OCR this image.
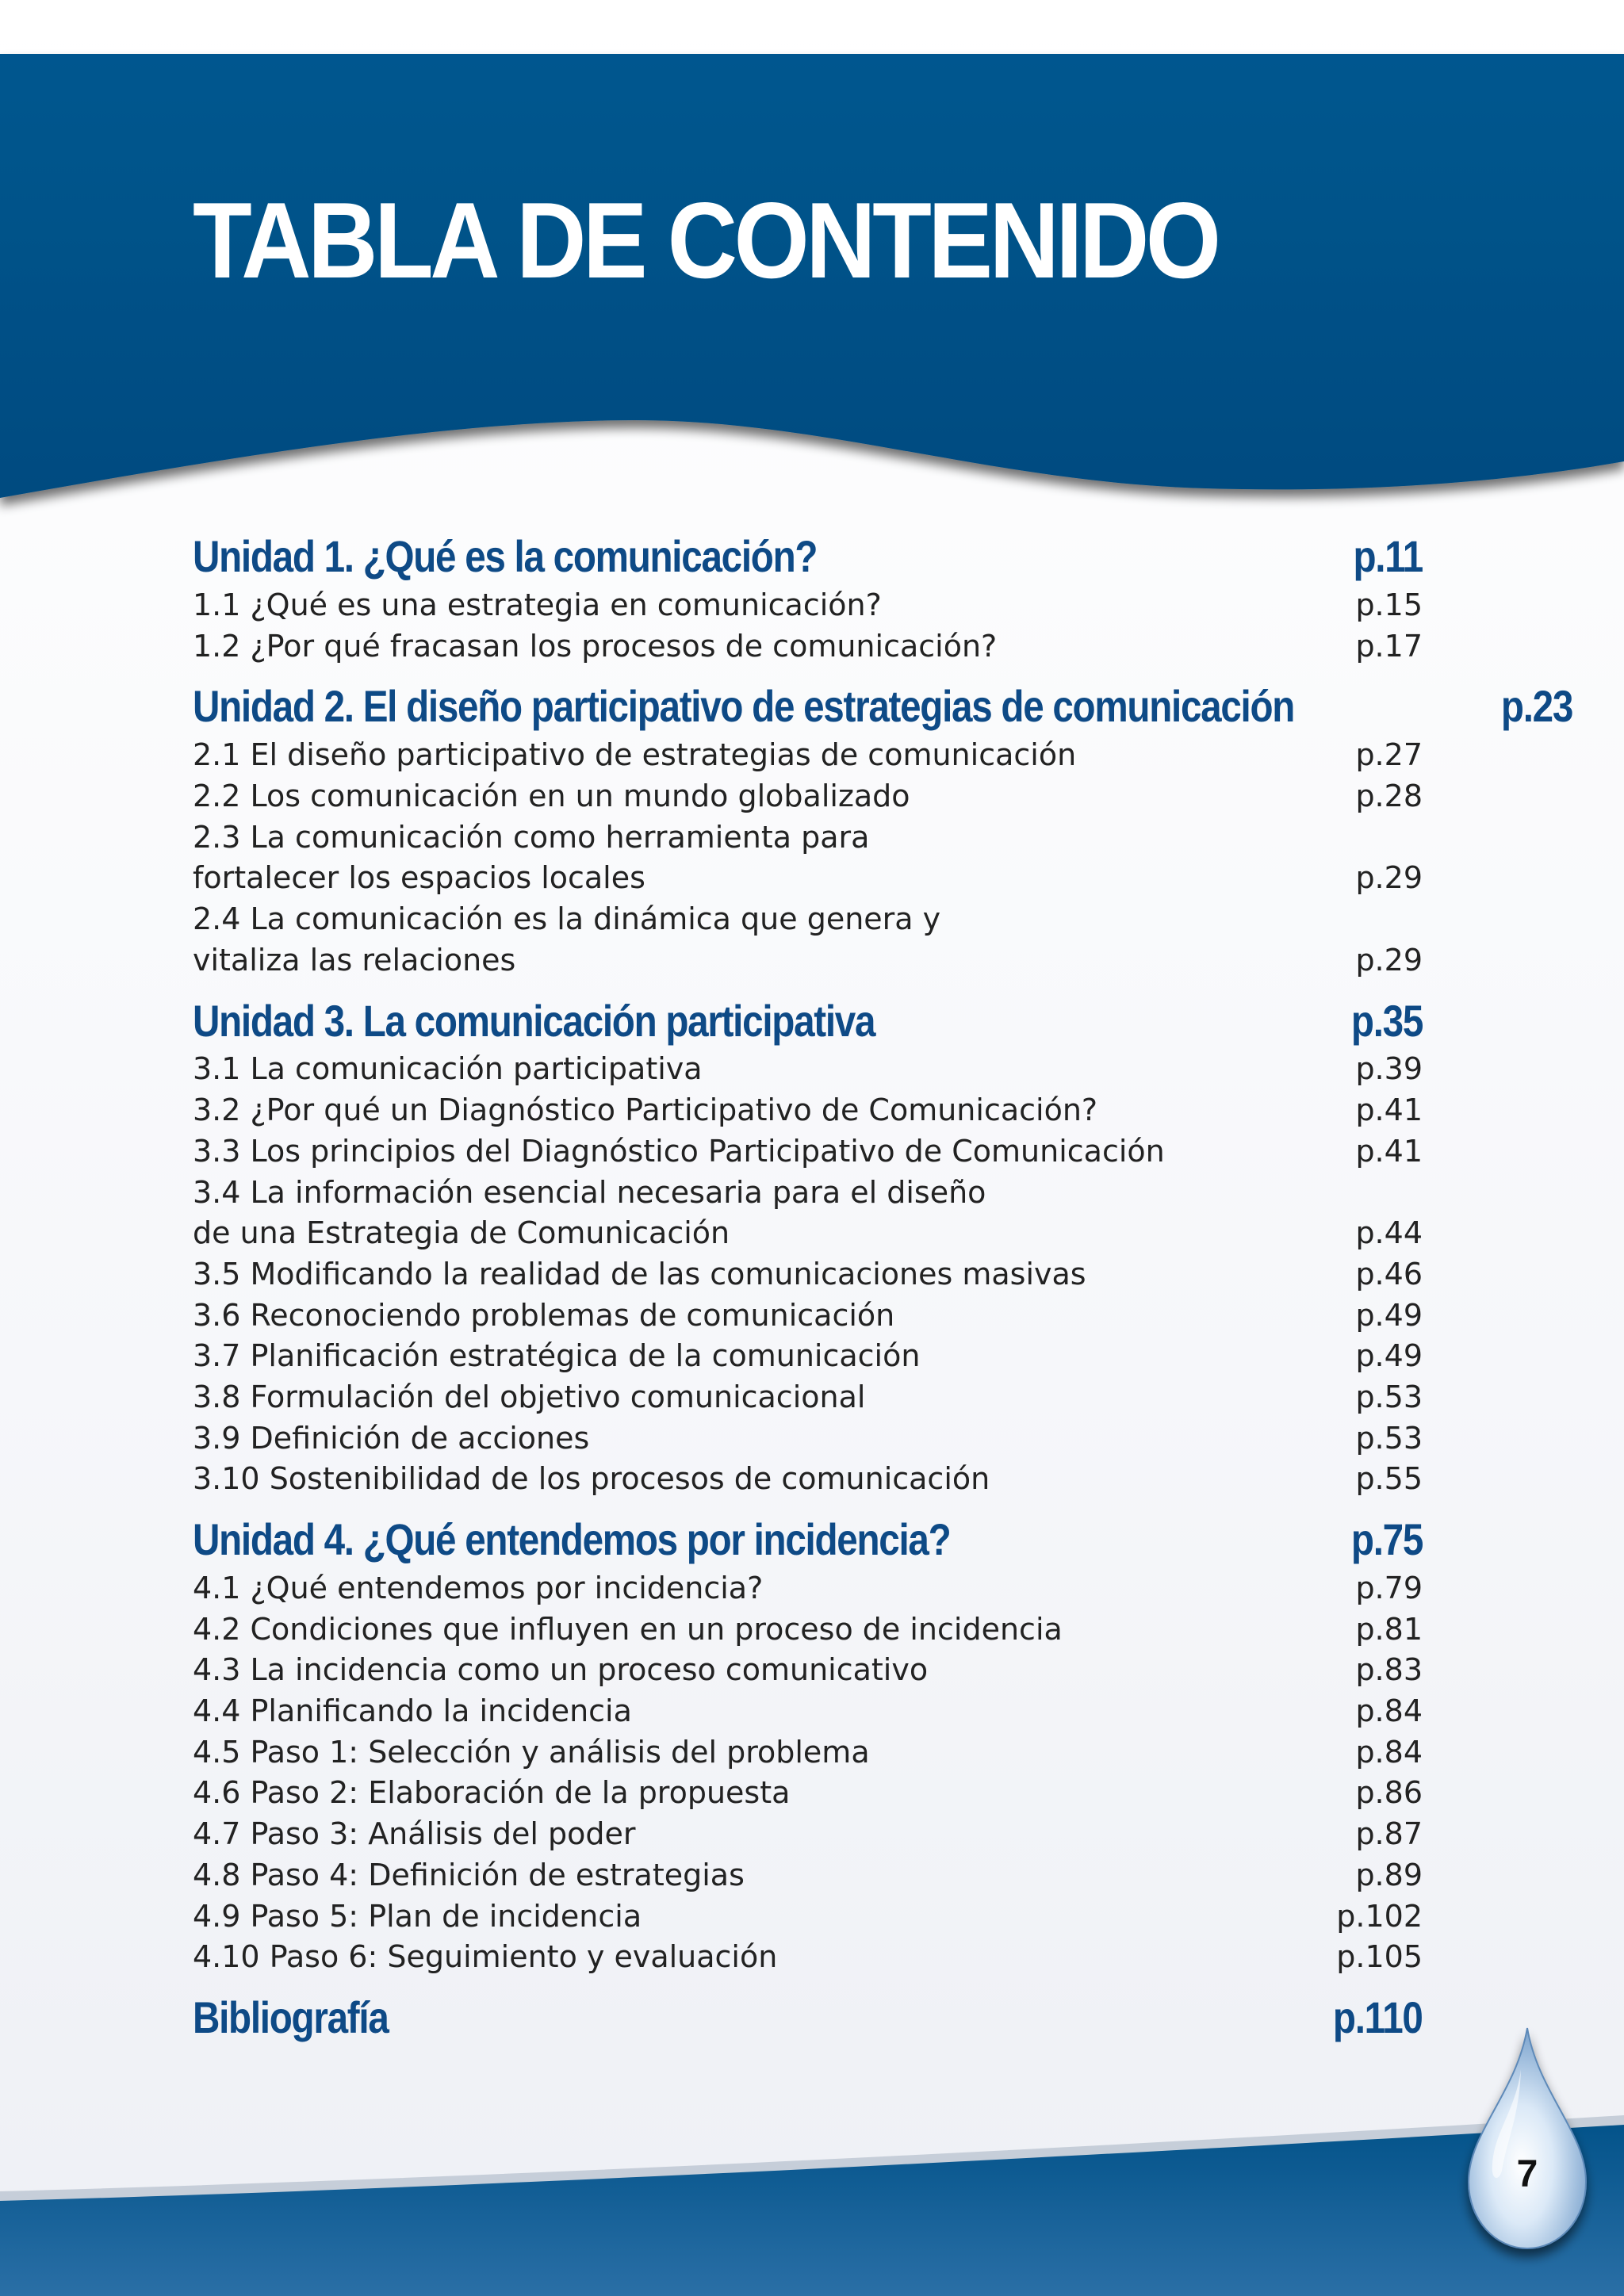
TABLA DE CONTENIDO
Unidad 1. ¿Qué es la comunicación?	p.11
1.1 ¿Qué es una estrategia en comunicación?	p.15
1.2 ¿Por qué fracasan los procesos de comunicación?	p.17
Unidad 2. El diseño participativo de estrategias de comunicación	p.23
2.1 El diseño participativo de estrategias de comunicación	p.27
2.2 Los comunicación en un mundo globalizado	p.28
2.3 La comunicación como herramienta para
fortalecer los espacios locales	p.29
2.4 La comunicación es la dinámica que genera y
vitaliza las relaciones	p.29
Unidad 3. La comunicación participativa	p.35
3.1 La comunicación participativa	p.39
3.2 ¿Por qué un Diagnóstico Participativo de Comunicación?	p.41
3.3 Los principios del Diagnóstico Participativo de Comunicación	p.41
3.4 La información esencial necesaria para el diseño
de una Estrategia de Comunicación	p.44
3.5 Modificando la realidad de las comunicaciones masivas	p.46
3.6 Reconociendo problemas de comunicación	p.49
3.7 Planificación estratégica de la comunicación	p.49
3.8 Formulación del objetivo comunicacional	p.53
3.9 Definición de acciones	p.53
3.10 Sostenibilidad de los procesos de comunicación	p.55
Unidad 4. ¿Qué entendemos por incidencia?	p.75
4.1 ¿Qué entendemos por incidencia?	p.79
4.2 Condiciones que influyen en un proceso de incidencia	p.81
4.3 La incidencia como un proceso comunicativo	p.83
4.4 Planificando la incidencia	p.84
4.5 Paso 1: Selección y análisis del problema	p.84
4.6 Paso 2: Elaboración de la propuesta	p.86
4.7 Paso 3: Análisis del poder	p.87
4.8 Paso 4: Definición de estrategias	p.89
4.9 Paso 5: Plan de incidencia	p.102
4.10 Paso 6: Seguimiento y evaluación	p.105
Bibliografía	p.110
7
